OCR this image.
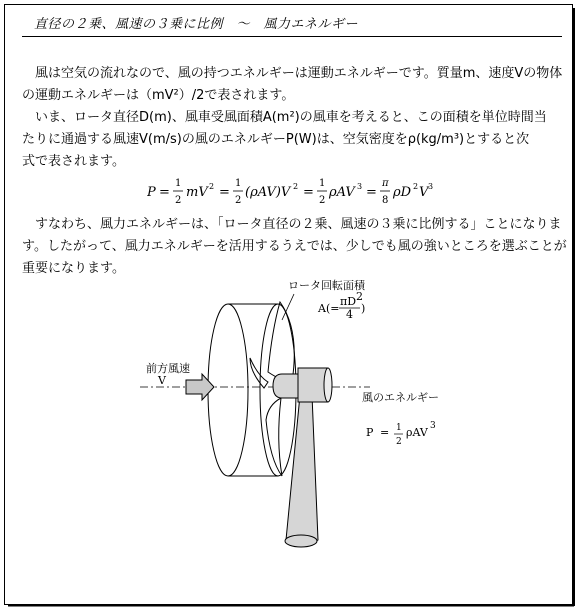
直径の２乗、風速の３乗に比例　～　風力エネルギー
　風は空気の流れなので、風の持つエネルギーは運動エネルギーです。質量m、速度Vの物体
の運動エネルギーは（mV²）/2で表されます。
　いま、ロータ直径D(m)、風車受風面積A(m²)の風車を考えると、この面積を単位時間当
たりに通過する風速V(m/s)の風のエネルギーP(W)は、空気密度をρ(kg/m³)とすると次
式で表されます。
P =
1
2
mV 2 =
1
2
(ρAV)V 2 =
1
2
ρAV 3 =
π
8
ρD 2 V 3
　すなわち、風力エネルギーは、「ロータ直径の２乗、風速の３乗に比例する」ことになりま
す。したがって、風力エネルギーを活用するうえでは、少しでも風の強いところを選ぶことが
重要になります。
前方風速
V
ロータ回転面積
A(=
πD 2
4 )
風のエネルギー
P = 1
2
ρAV 3
